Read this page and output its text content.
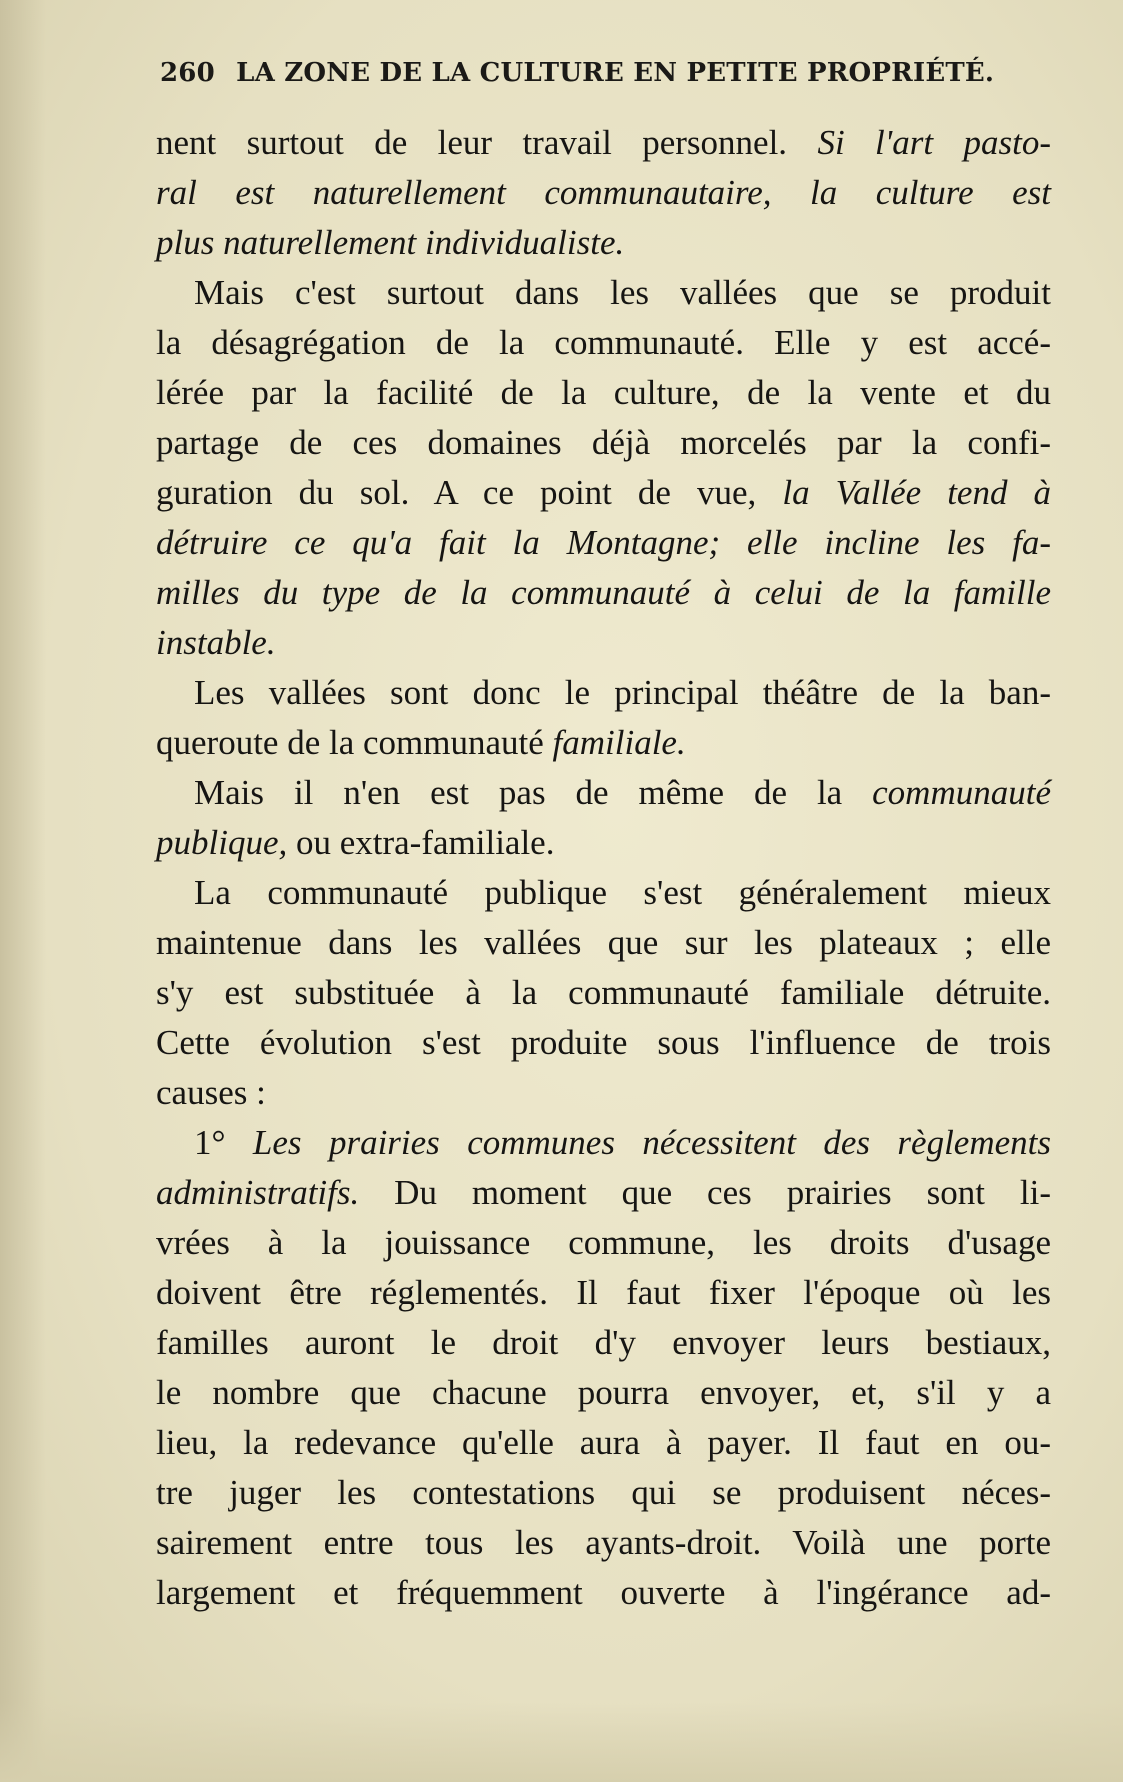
260 LA ZONE DE LA CULTURE EN PETITE PROPRIÉTÉ.
nent surtout de leur travail personnel. Si l'art pasto-
ral est naturellement communautaire, la culture est
plus naturellement individualiste.
Mais c'est surtout dans les vallées que se produit
la désagrégation de la communauté. Elle y est accé-
lérée par la facilité de la culture, de la vente et du
partage de ces domaines déjà morcelés par la confi-
guration du sol. A ce point de vue, la Vallée tend à
détruire ce qu'a fait la Montagne; elle incline les fa-
milles du type de la communauté à celui de la famille
instable.
Les vallées sont donc le principal théâtre de la ban-
queroute de la communauté familiale.
Mais il n'en est pas de même de la communauté
publique, ou extra-familiale.
La communauté publique s'est généralement mieux
maintenue dans les vallées que sur les plateaux ; elle
s'y est substituée à la communauté familiale détruite.
Cette évolution s'est produite sous l'influence de trois
causes :
1° Les prairies communes nécessitent des règlements
administratifs. Du moment que ces prairies sont li-
vrées à la jouissance commune, les droits d'usage
doivent être réglementés. Il faut fixer l'époque où les
familles auront le droit d'y envoyer leurs bestiaux,
le nombre que chacune pourra envoyer, et, s'il y a
lieu, la redevance qu'elle aura à payer. Il faut en ou-
tre juger les contestations qui se produisent néces-
sairement entre tous les ayants-droit. Voilà une porte
largement et fréquemment ouverte à l'ingérance ad-
